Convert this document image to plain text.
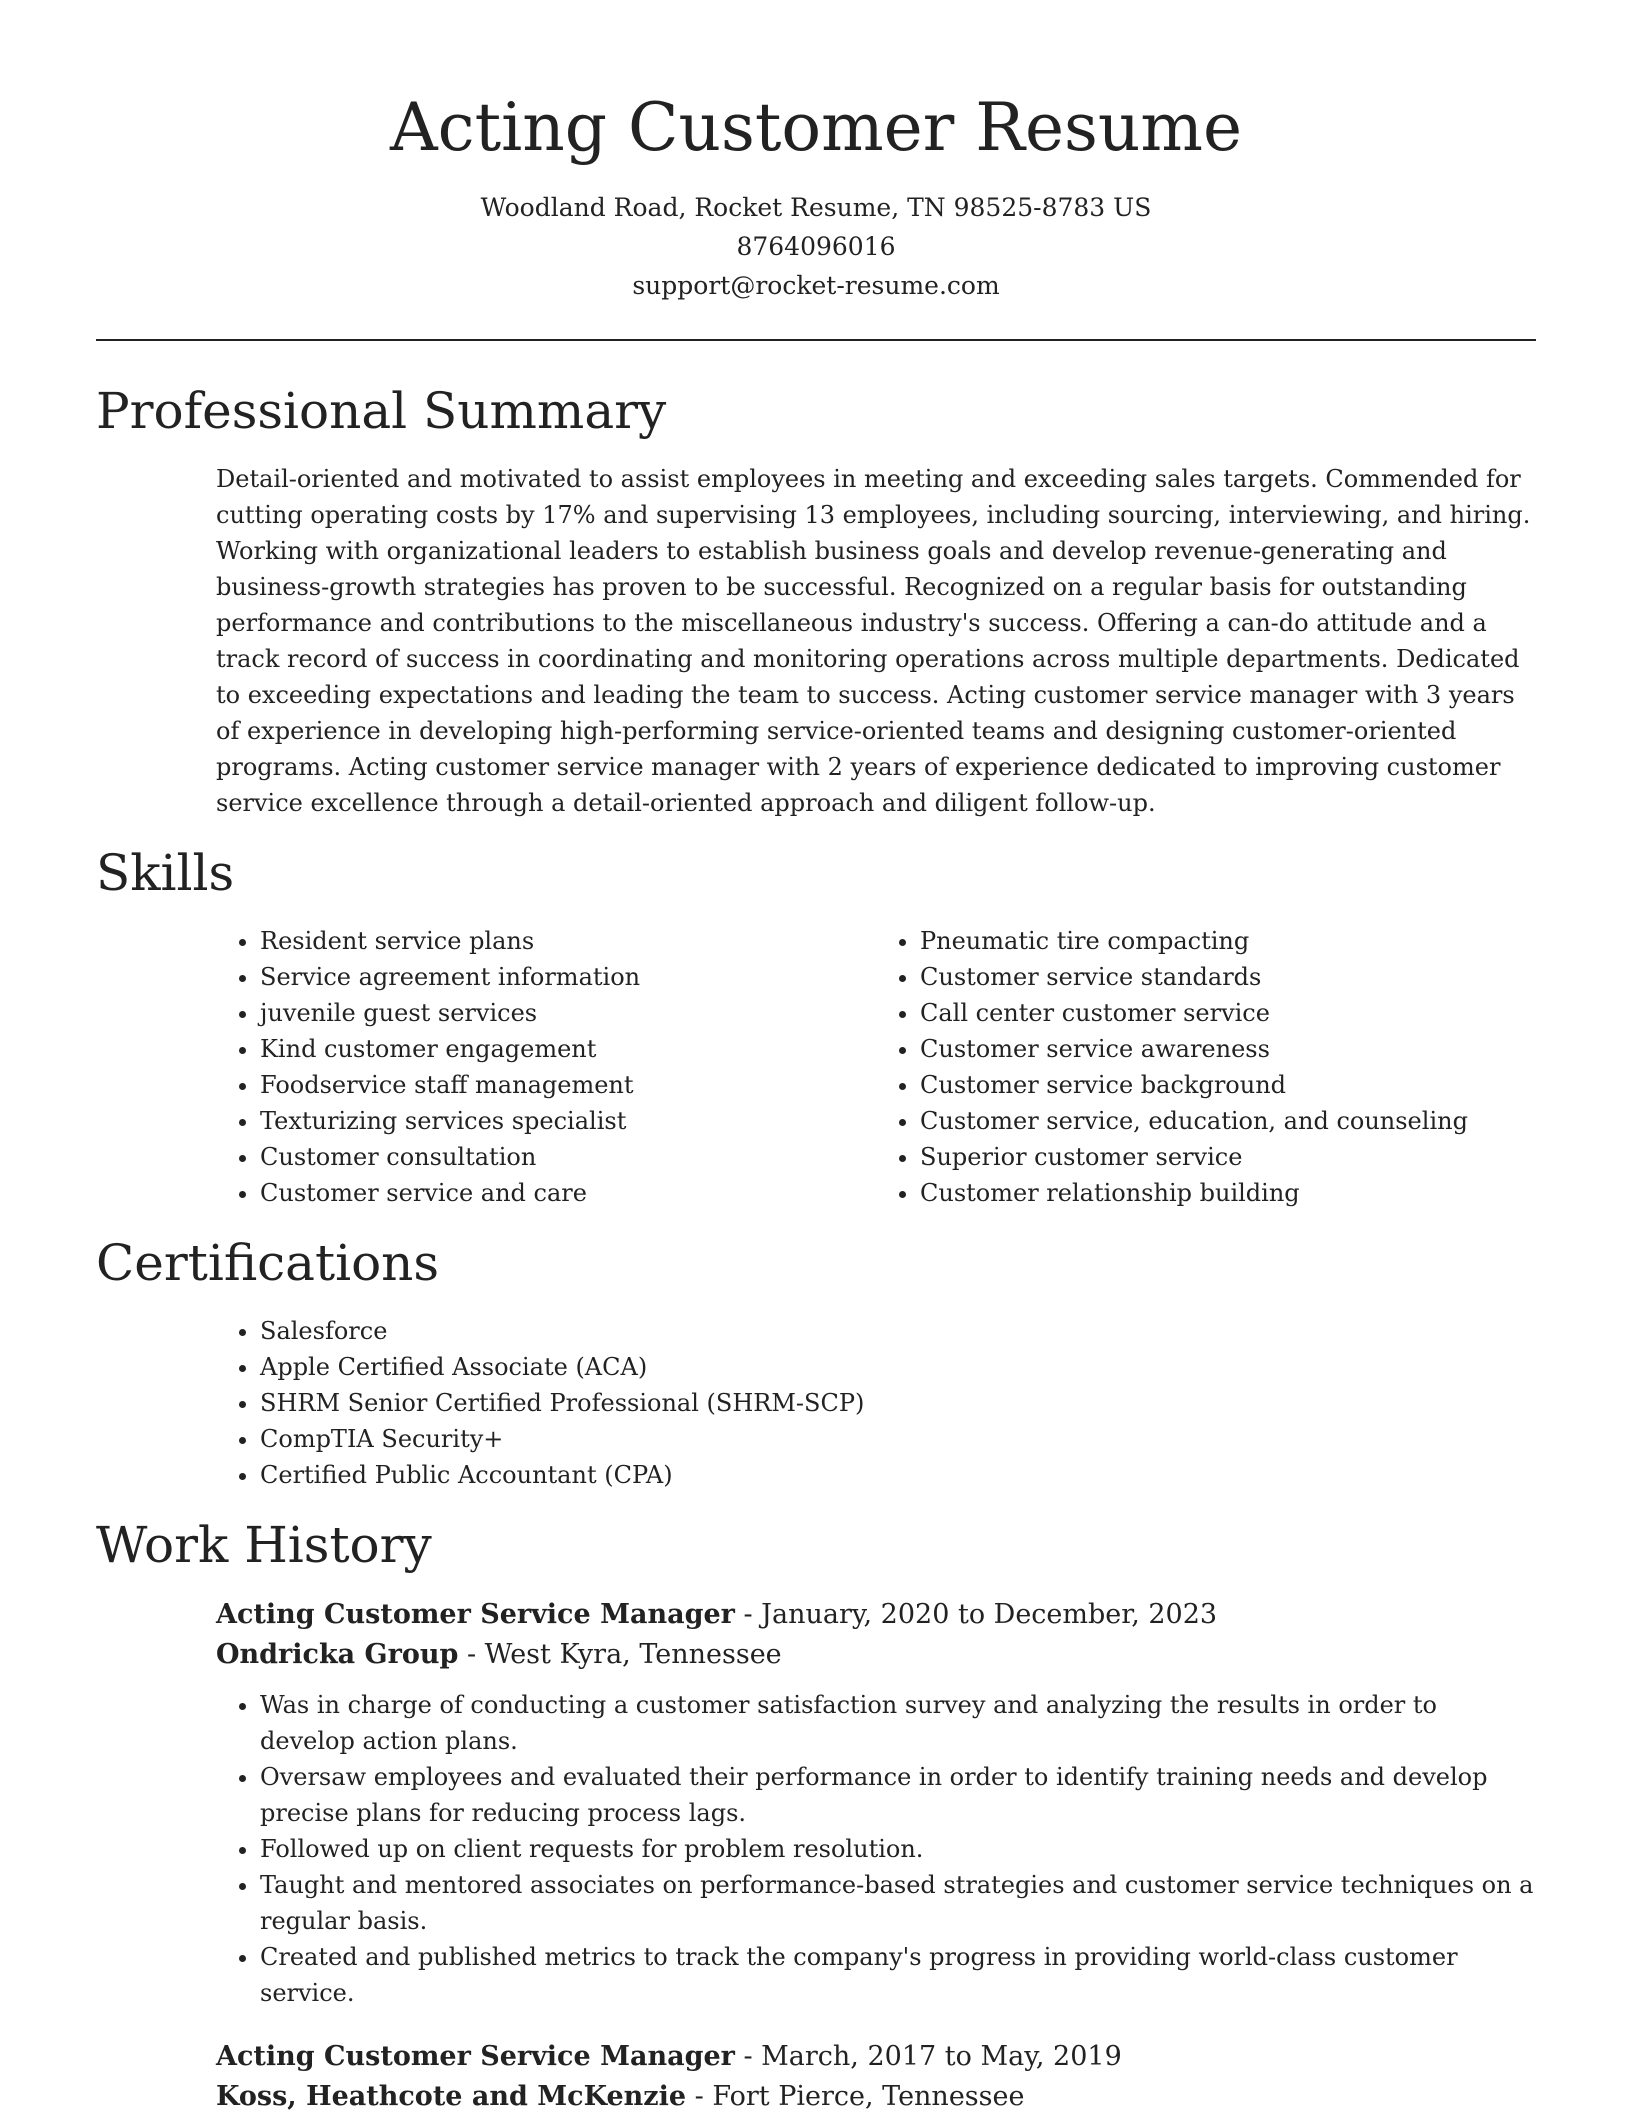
Acting Customer Resume

Woodland Road, Rocket Resume, TN 98525-8783 US

8764096016

support@rocket-resume.com

Professional Summary

Detail-oriented and motivated to assist employees in meeting and exceeding sales targets. Commended for cutting operating costs by 17% and supervising 13 employees, including sourcing, interviewing, and hiring. Working with organizational leaders to establish business goals and develop revenue-generating and business-growth strategies has proven to be successful. Recognized on a regular basis for outstanding performance and contributions to the miscellaneous industry's success. Offering a can-do attitude and a track record of success in coordinating and monitoring operations across multiple departments. Dedicated to exceeding expectations and leading the team to success. Acting customer service manager with 3 years of experience in developing high-performing service-oriented teams and designing customer-oriented programs. Acting customer service manager with 2 years of experience dedicated to improving customer service excellence through a detail-oriented approach and diligent follow-up.

Skills
• Resident service plans
• Service agreement information
• juvenile guest services
• Kind customer engagement
• Foodservice staff management
• Texturizing services specialist
• Customer consultation
• Customer service and care
• Pneumatic tire compacting
• Customer service standards
• Call center customer service
• Customer service awareness
• Customer service background
• Customer service, education, and counseling
• Superior customer service
• Customer relationship building
Certifications
• Salesforce
• Apple Certified Associate (ACA)
• SHRM Senior Certified Professional (SHRM-SCP)
• CompTIA Security+
• Certified Public Accountant (CPA)
Work History

Acting Customer Service Manager - January, 2020 to December, 2023

Ondricka Group - West Kyra, Tennessee

• Was in charge of conducting a customer satisfaction survey and analyzing the results in order to develop action plans.
• Oversaw employees and evaluated their performance in order to identify training needs and develop precise plans for reducing process lags.
• Followed up on client requests for problem resolution.
• Taught and mentored associates on performance-based strategies and customer service techniques on a regular basis.
• Created and published metrics to track the company's progress in providing world-class customer service.

Acting Customer Service Manager - March, 2017 to May, 2019

Koss, Heathcote and McKenzie - Fort Pierce, Tennessee
